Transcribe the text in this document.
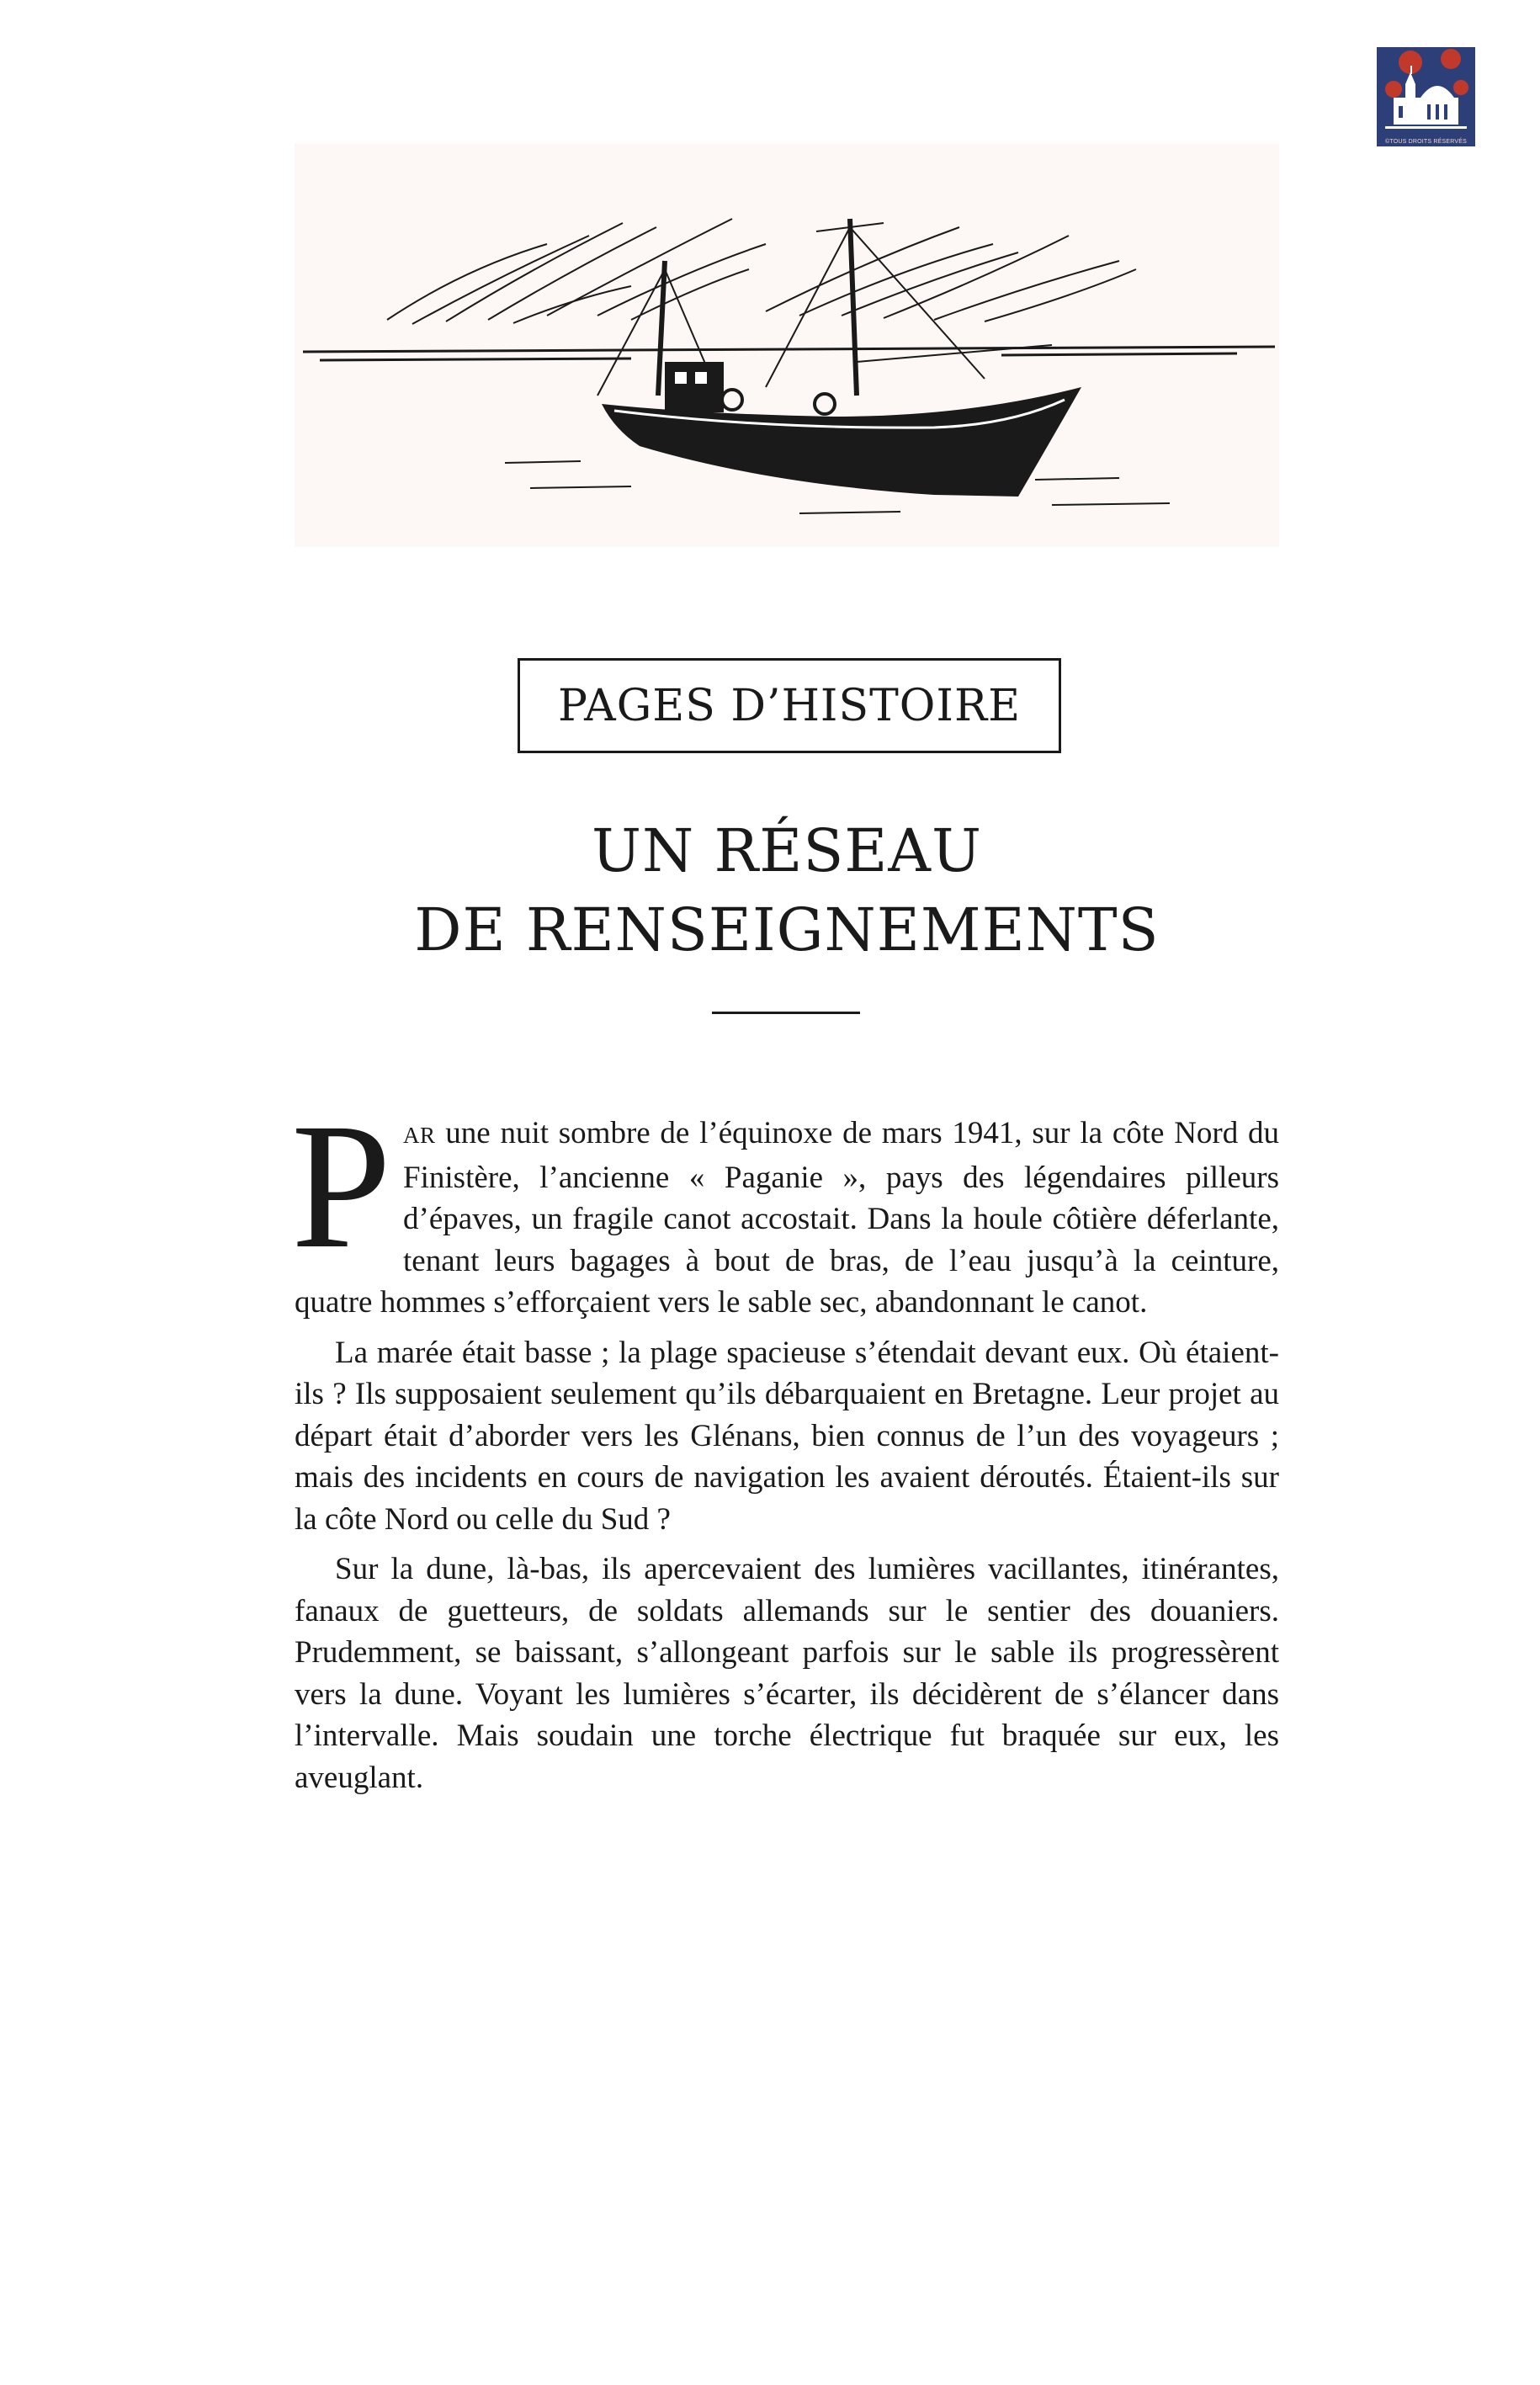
©TOUS DROITS RÉSERVÉS
PAGES D’HISTOIRE
UN RÉSEAU
DE RENSEIGNEMENTS

PAR une nuit sombre de l’équinoxe de mars 1941, sur la côte Nord du Finistère, l’ancienne « Paganie », pays des légendaires pilleurs d’épaves, un fragile canot accostait. Dans la houle côtière déferlante, tenant leurs bagages à bout de bras, de l’eau jusqu’à la ceinture, quatre hommes s’efforçaient vers le sable sec, abandonnant le canot.

La marée était basse ; la plage spacieuse s’étendait devant eux. Où étaient-ils ? Ils supposaient seulement qu’ils débarquaient en Bretagne. Leur projet au départ était d’aborder vers les Glénans, bien connus de l’un des voyageurs ; mais des incidents en cours de navigation les avaient déroutés. Étaient-ils sur la côte Nord ou celle du Sud ?

Sur la dune, là-bas, ils apercevaient des lumières vacillantes, itinérantes, fanaux de guetteurs, de soldats allemands sur le sentier des douaniers. Prudemment, se baissant, s’allongeant parfois sur le sable ils progressèrent vers la dune. Voyant les lumières s’écarter, ils décidèrent de s’élancer dans l’intervalle. Mais soudain une torche électrique fut braquée sur eux, les aveuglant.
